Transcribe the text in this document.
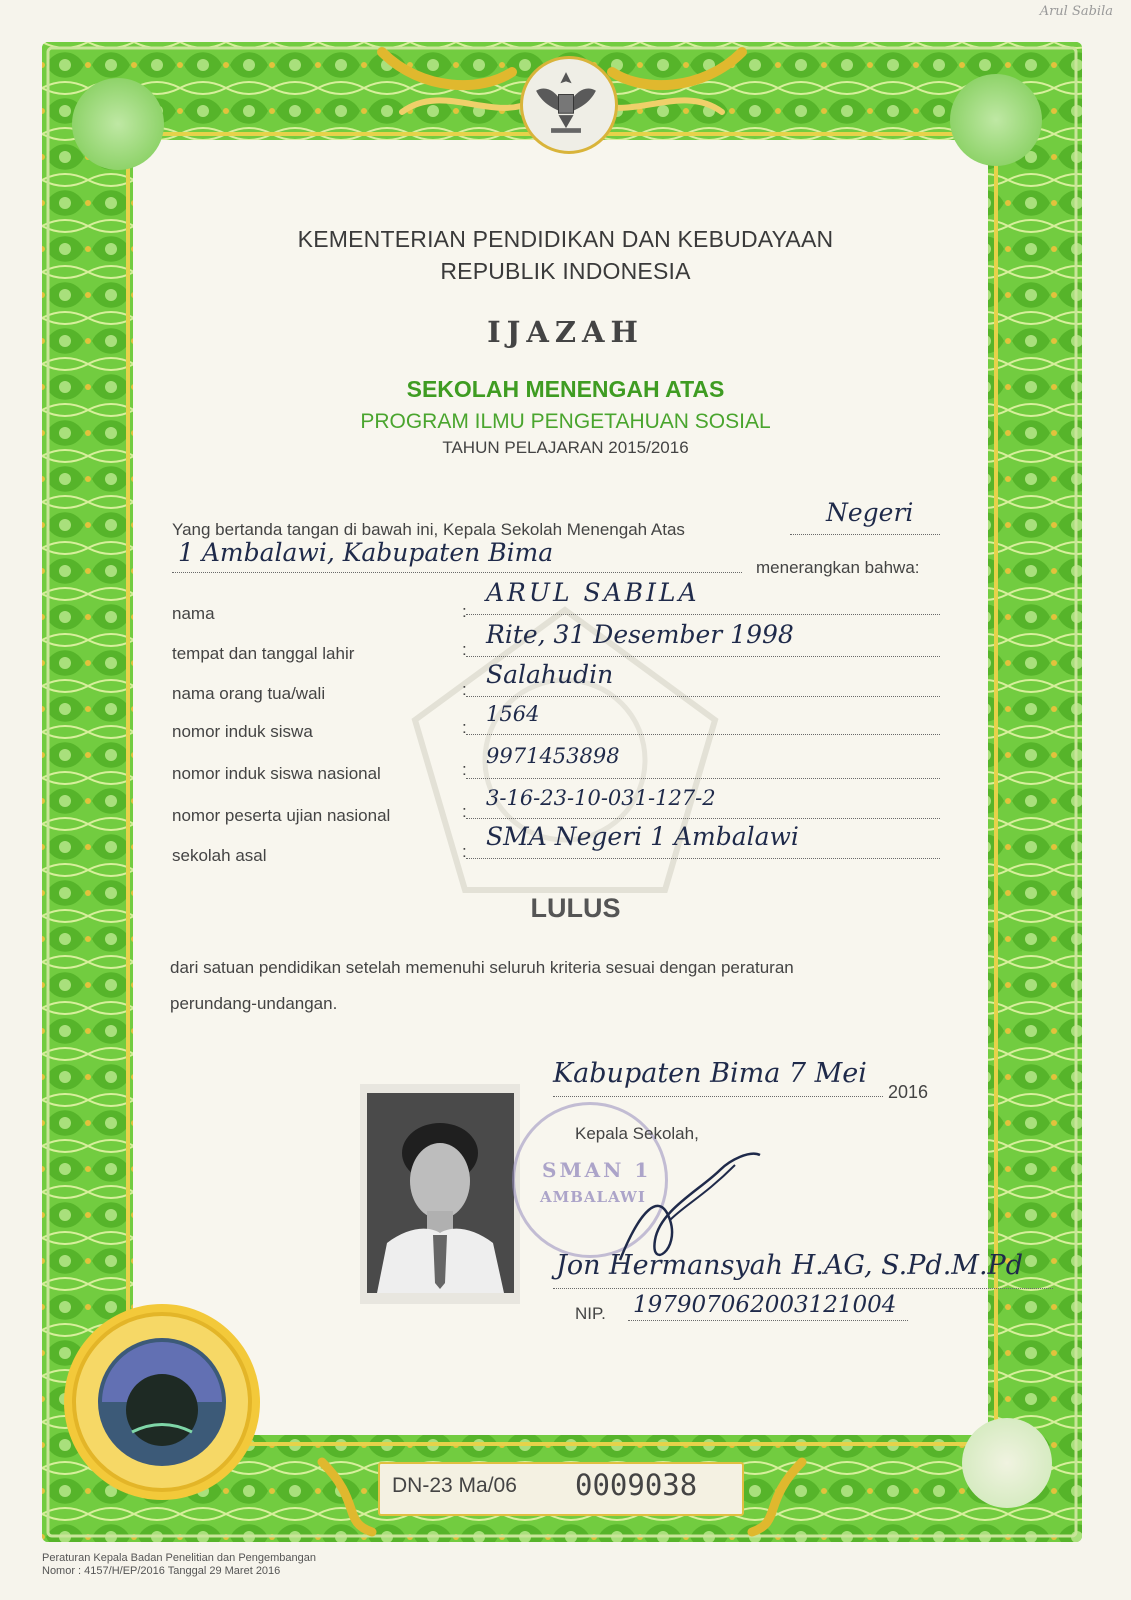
Arul Sabila
KEMENTERIAN PENDIDIKAN DAN KEBUDAYAAN
REPUBLIK INDONESIA
IJAZAH
SEKOLAH MENENGAH ATAS
PROGRAM ILMU PENGETAHUAN SOSIAL
TAHUN PELAJARAN 2015/2016
Yang bertanda tangan di bawah ini, Kepala Sekolah Menengah Atas
Negeri
1 Ambalawi, Kabupaten Bima
menerangkan bahwa:
nama	:
ARUL SABILA
tempat dan tanggal lahir	:
Rite, 31 Desember 1998
nama orang tua/wali	:
Salahudin
nomor induk siswa	:
1564
nomor induk siswa nasional	:
9971453898
nomor peserta ujian nasional	:
3-16-23-10-031-127-2
sekolah asal	:
SMA Negeri 1 Ambalawi
LULUS
dari satuan pendidikan setelah memenuhi seluruh kriteria sesuai dengan peraturan
perundang-undangan.
SMAN 1
AMBALAWI
Kabupaten Bima 7 Mei
2016
Kepala Sekolah,
Jon Hermansyah H.AG, S.Pd.M.Pd
NIP. 197907062003121004
DN-23 Ma/06 0009038
Peraturan Kepala Badan Penelitian dan Pengembangan
Nomor : 4157/H/EP/2016 Tanggal 29 Maret 2016
